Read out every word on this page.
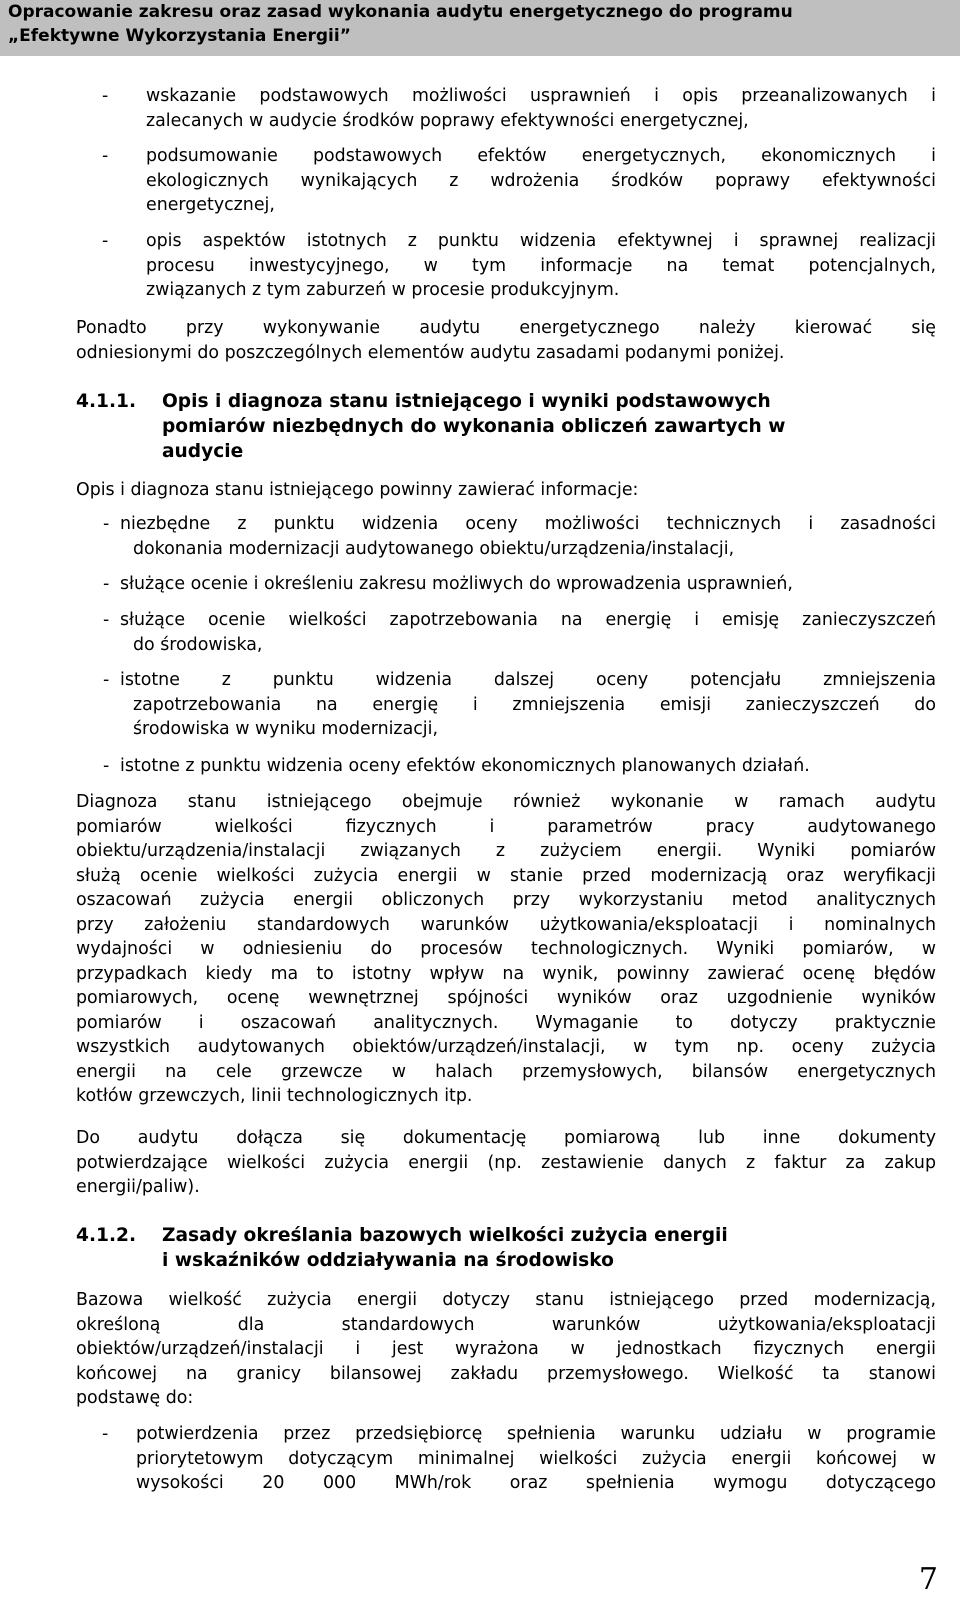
Opracowanie zakresu oraz zasad wykonania audytu energetycznego do programu
„Efektywne Wykorzystania Energii”
- wskazanie podstawowych możliwości usprawnień i opis przeanalizowanych i
zalecanych w audycie środków poprawy efektywności energetycznej,
- podsumowanie podstawowych efektów energetycznych, ekonomicznych i
ekologicznych wynikających z wdrożenia środków poprawy efektywności
energetycznej,
- opis aspektów istotnych z punktu widzenia efektywnej i sprawnej realizacji
procesu inwestycyjnego, w tym informacje na temat potencjalnych,
związanych z tym zaburzeń w procesie produkcyjnym.
Ponadto przy wykonywanie audytu energetycznego należy kierować się
odniesionymi do poszczególnych elementów audytu zasadami podanymi poniżej.
4.1.1. Opis i diagnoza stanu istniejącego i wyniki podstawowych
pomiarów niezbędnych do wykonania obliczeń zawartych w
audycie
Opis i diagnoza stanu istniejącego powinny zawierać informacje:
- niezbędne z punktu widzenia oceny możliwości technicznych i zasadności
dokonania modernizacji audytowanego obiektu/urządzenia/instalacji,
- służące ocenie i określeniu zakresu możliwych do wprowadzenia usprawnień,
- służące ocenie wielkości zapotrzebowania na energię i emisję zanieczyszczeń
do środowiska,
- istotne z punktu widzenia dalszej oceny potencjału zmniejszenia
zapotrzebowania na energię i zmniejszenia emisji zanieczyszczeń do
środowiska w wyniku modernizacji,
- istotne z punktu widzenia oceny efektów ekonomicznych planowanych działań.
Diagnoza stanu istniejącego obejmuje również wykonanie w ramach audytu
pomiarów wielkości fizycznych i parametrów pracy audytowanego
obiektu/urządzenia/instalacji związanych z zużyciem energii. Wyniki pomiarów
służą ocenie wielkości zużycia energii w stanie przed modernizacją oraz weryfikacji
oszacowań zużycia energii obliczonych przy wykorzystaniu metod analitycznych
przy założeniu standardowych warunków użytkowania/eksploatacji i nominalnych
wydajności w odniesieniu do procesów technologicznych. Wyniki pomiarów, w
przypadkach kiedy ma to istotny wpływ na wynik, powinny zawierać ocenę błędów
pomiarowych, ocenę wewnętrznej spójności wyników oraz uzgodnienie wyników
pomiarów i oszacowań analitycznych. Wymaganie to dotyczy praktycznie
wszystkich audytowanych obiektów/urządzeń/instalacji, w tym np. oceny zużycia
energii na cele grzewcze w halach przemysłowych, bilansów energetycznych
kotłów grzewczych, linii technologicznych itp.
Do audytu dołącza się dokumentację pomiarową lub inne dokumenty
potwierdzające wielkości zużycia energii (np. zestawienie danych z faktur za zakup
energii/paliw).
4.1.2. Zasady określania bazowych wielkości zużycia energii
i wskaźników oddziaływania na środowisko
Bazowa wielkość zużycia energii dotyczy stanu istniejącego przed modernizacją,
określoną dla standardowych warunków użytkowania/eksploatacji
obiektów/urządzeń/instalacji i jest wyrażona w jednostkach fizycznych energii
końcowej na granicy bilansowej zakładu przemysłowego. Wielkość ta stanowi
podstawę do:
- potwierdzenia przez przedsiębiorcę spełnienia warunku udziału w programie
priorytetowym dotyczącym minimalnej wielkości zużycia energii końcowej w
wysokości 20 000 MWh/rok oraz spełnienia wymogu dotyczącego
7
